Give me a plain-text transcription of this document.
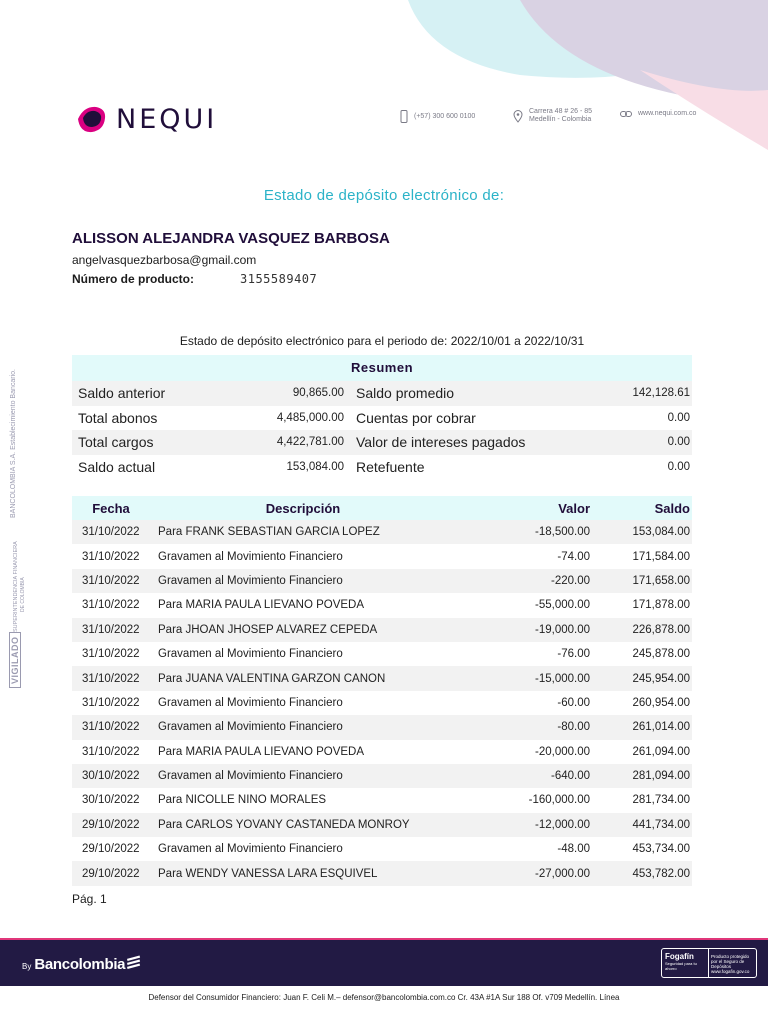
NEQUI	(+57) 300 600 0100
Carrera 48 # 26 - 85
Medellín - Colombia
www.nequi.com.co
Estado de depósito electrónico de:
ALISSON ALEJANDRA VASQUEZ BARBOSA
angelvasquezbarbosa@gmail.com
Número de producto:	3155589407
Estado de depósito electrónico para el periodo de: 2022/10/01 a 2022/10/31
Resumen
Saldo anterior	90,865.00 Saldo promedio	142,128.61
Total abonos	4,485,000.00 Cuentas por cobrar	0.00
Total cargos	4,422,781.00 Valor de intereses pagados	0.00
Saldo actual	153,084.00 Retefuente	0.00
Fecha	Descripción	Valor	Saldo
31/10/2022	Para FRANK SEBASTIAN GARCIA LOPEZ	-18,500.00	153,084.00
31/10/2022	Gravamen al Movimiento Financiero	-74.00	171,584.00
31/10/2022	Gravamen al Movimiento Financiero	-220.00	171,658.00
31/10/2022	Para MARIA PAULA LIEVANO POVEDA	-55,000.00	171,878.00
31/10/2022	Para JHOAN JHOSEP ALVAREZ CEPEDA	-19,000.00	226,878.00
31/10/2022	Gravamen al Movimiento Financiero	-76.00	245,878.00
31/10/2022	Para JUANA VALENTINA GARZON CANON	-15,000.00	245,954.00
31/10/2022	Gravamen al Movimiento Financiero	-60.00	260,954.00
31/10/2022	Gravamen al Movimiento Financiero	-80.00	261,014.00
31/10/2022	Para MARIA PAULA LIEVANO POVEDA	-20,000.00	261,094.00
30/10/2022	Gravamen al Movimiento Financiero	-640.00	281,094.00
30/10/2022	Para NICOLLE NINO MORALES	-160,000.00	281,734.00
29/10/2022	Para CARLOS YOVANY CASTANEDA MONROY	-12,000.00	441,734.00
29/10/2022	Gravamen al Movimiento Financiero	-48.00	453,734.00
29/10/2022	Para WENDY VANESSA LARA ESQUIVEL	-27,000.00	453,782.00
Pág. 1
BANCOLOMBIA S.A. Establecimiento Bancario.
VIGILADO
SUPERINTENDENCIA FINANCIERA DE COLOMBIA
By Bancolombia	Fogafín
Seguridad para tu ahorro
Producto protegido por el Seguro de Depósitos
www.fogafin.gov.co
Defensor del Consumidor Financiero: Juan F. Celi M.– defensor@bancolombia.com.co Cr. 43A #1A Sur 188 Of. v709 Medellín. Línea
